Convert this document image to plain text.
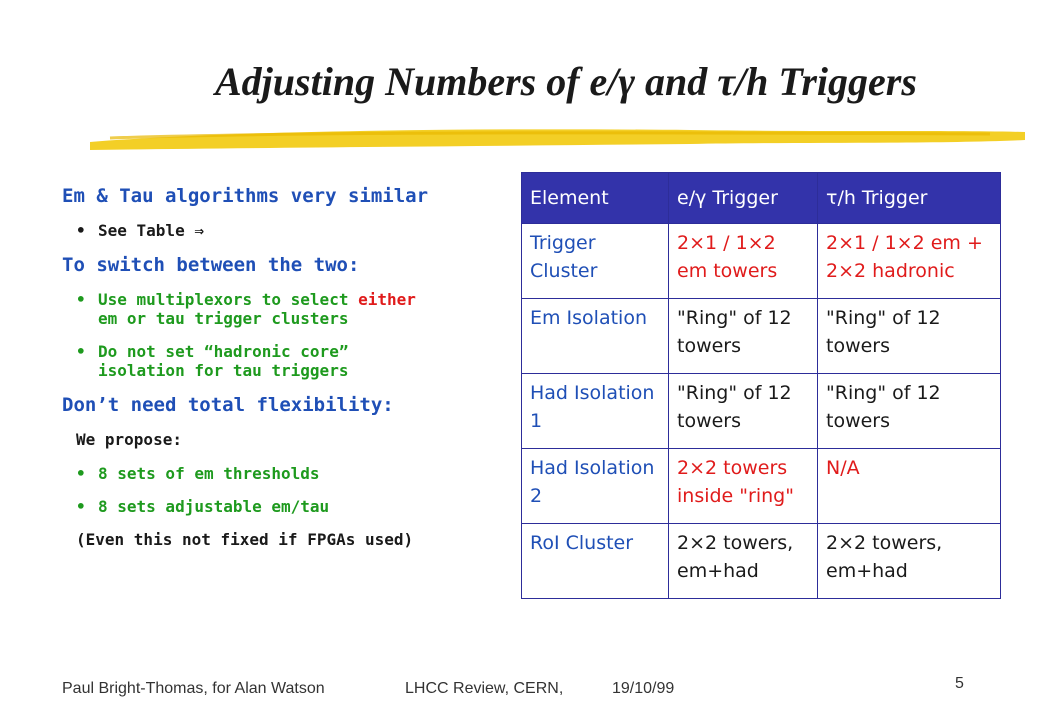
Adjusting Numbers of e/γ and τ/h Triggers
Em & Tau algorithms very similar
• See Table ⇒
To switch between the two:
• Use multiplexors to select either
em or tau trigger clusters
• Do not set “hadronic core”
isolation for tau triggers
Don’t need total flexibility:
We propose:
• 8 sets of em thresholds
• 8 sets adjustable em/tau
(Even this not fixed if FPGAs used)
Element	e/γ Trigger	τ/h Trigger
Trigger Cluster	2×1 / 1×2 em towers	2×1 / 1×2 em + 2×2 hadronic
Em Isolation	"Ring" of 12 towers	"Ring" of 12 towers
Had Isolation 1	"Ring" of 12 towers	"Ring" of 12 towers
Had Isolation 2	2×2 towers inside "ring"	N/A
RoI Cluster	2×2 towers, em+had	2×2 towers, em+had
Paul Bright-Thomas, for Alan Watson	LHCC Review, CERN,	19/10/99	5
